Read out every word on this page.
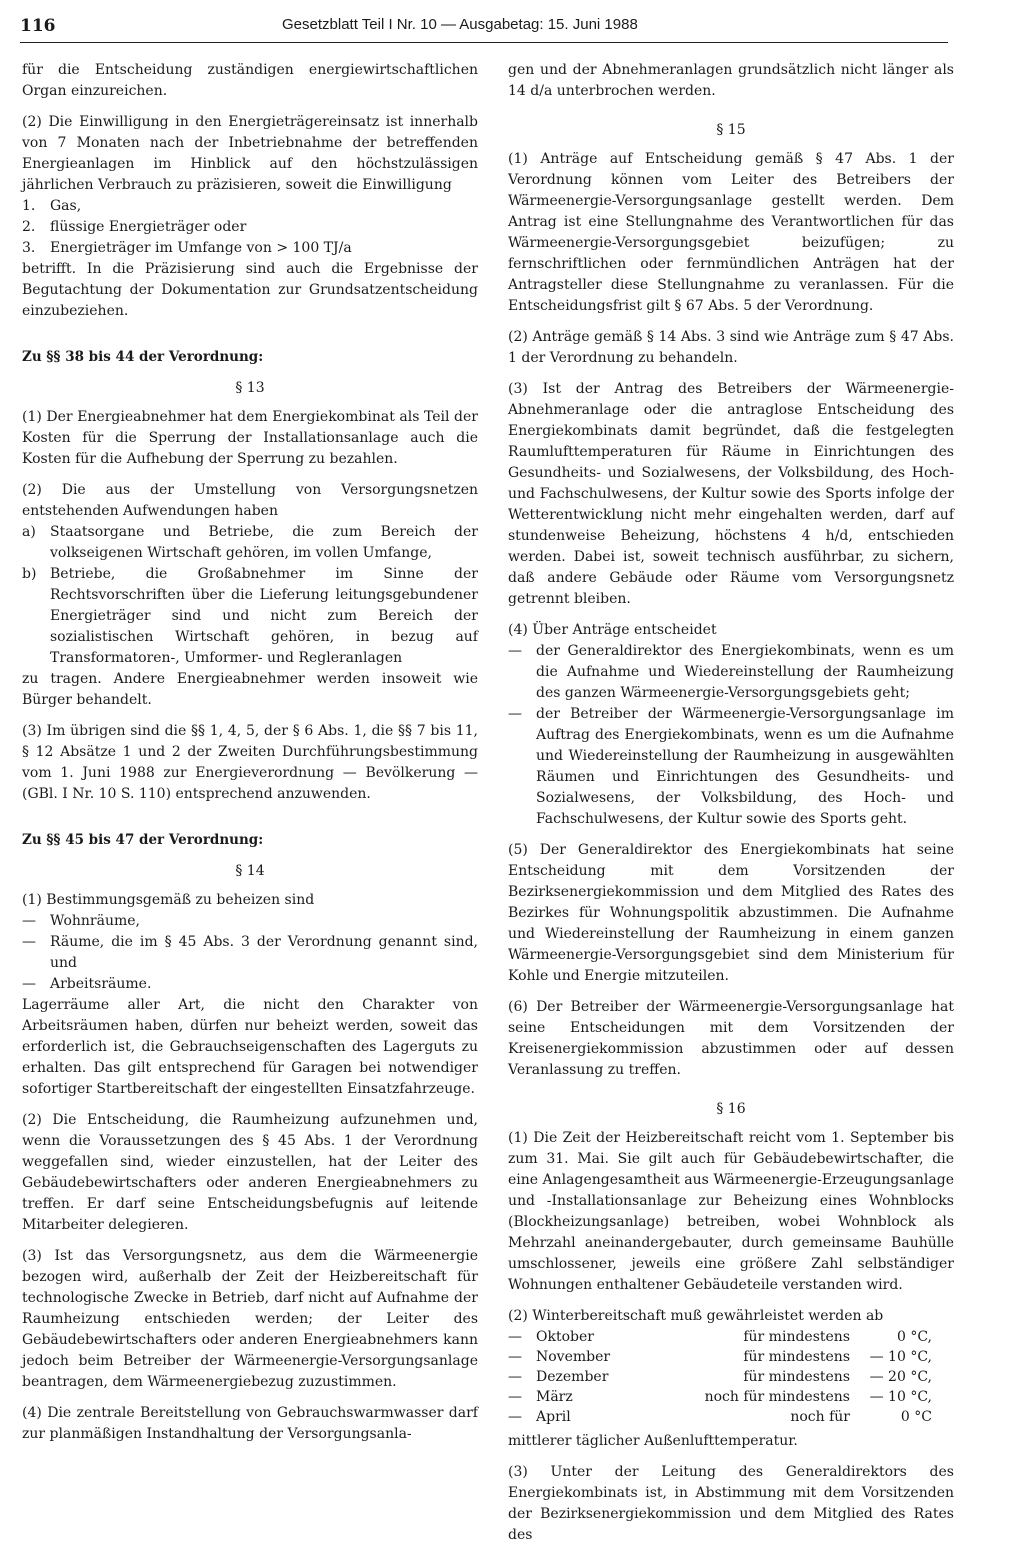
116	Gesetzblatt Teil I Nr. 10 — Ausgabetag: 15. Juni 1988

für die Entscheidung zuständigen energiewirtschaftlichen Organ einzureichen.

(2) Die Einwilligung in den Energieträgereinsatz ist innerhalb von 7 Monaten nach der Inbetriebnahme der betreffenden Energieanlagen im Hinblick auf den höchstzulässigen jährlichen Verbrauch zu präzisieren, soweit die Einwilligung

1.	Gas,
2.	flüssige Energieträger oder
3.	Energieträger im Umfange von > 100 TJ/a

betrifft. In die Präzisierung sind auch die Ergebnisse der Begutachtung der Dokumentation zur Grundsatzentscheidung einzubeziehen.

Zu §§ 38 bis 44 der Verordnung:

§ 13

(1) Der Energieabnehmer hat dem Energiekombinat als Teil der Kosten für die Sperrung der Installationsanlage auch die Kosten für die Aufhebung der Sperrung zu bezahlen.

(2) Die aus der Umstellung von Versorgungsnetzen entstehenden Aufwendungen haben

a)	Staatsorgane und Betriebe, die zum Bereich der volkseigenen Wirtschaft gehören, im vollen Umfange,
b) Betriebe, die Großabnehmer im Sinne der Rechtsvorschriften über die Lieferung leitungsgebundener Energieträger sind und nicht zum Bereich der sozialistischen Wirtschaft gehören, in bezug auf Transformatoren-, Umformer- und Regleranlagen

zu tragen. Andere Energieabnehmer werden insoweit wie Bürger behandelt.

(3) Im übrigen sind die §§ 1, 4, 5, der § 6 Abs. 1, die §§ 7 bis 11, § 12 Absätze 1 und 2 der Zweiten Durchführungsbestimmung vom 1. Juni 1988 zur Energieverordnung — Bevölkerung — (GBl. I Nr. 10 S. 110) entsprechend anzuwenden.

Zu §§ 45 bis 47 der Verordnung:

§ 14

(1) Bestimmungsgemäß zu beheizen sind

—	Wohnräume,
—	Räume, die im § 45 Abs. 3 der Verordnung genannt sind, und
—	Arbeitsräume.

Lagerräume aller Art, die nicht den Charakter von Arbeitsräumen haben, dürfen nur beheizt werden, soweit das erforderlich ist, die Gebrauchseigenschaften des Lagerguts zu erhalten. Das gilt entsprechend für Garagen bei notwendiger sofortiger Startbereitschaft der eingestellten Einsatzfahrzeuge.

(2) Die Entscheidung, die Raumheizung aufzunehmen und, wenn die Voraussetzungen des § 45 Abs. 1 der Verordnung weggefallen sind, wieder einzustellen, hat der Leiter des Gebäudebewirtschafters oder anderen Energieabnehmers zu treffen. Er darf seine Entscheidungsbefugnis auf leitende Mitarbeiter delegieren.

(3) Ist das Versorgungsnetz, aus dem die Wärmeenergie bezogen wird, außerhalb der Zeit der Heizbereitschaft für technologische Zwecke in Betrieb, darf nicht auf Aufnahme der Raumheizung entschieden werden; der Leiter des Gebäudebewirtschafters oder anderen Energieabnehmers kann jedoch beim Betreiber der Wärmeenergie-Versorgungsanlage beantragen, dem Wärmeenergiebezug zuzustimmen.

(4) Die zentrale Bereitstellung von Gebrauchswarmwasser darf zur planmäßigen Instandhaltung der Versorgungsanla-

gen und der Abnehmeranlagen grundsätzlich nicht länger als 14 d/a unterbrochen werden.

§ 15

(1) Anträge auf Entscheidung gemäß § 47 Abs. 1 der Verordnung können vom Leiter des Betreibers der Wärmeenergie-Versorgungsanlage gestellt werden. Dem Antrag ist eine Stellungnahme des Verantwortlichen für das Wärmeenergie-Versorgungsgebiet beizufügen; zu fernschriftlichen oder fernmündlichen Anträgen hat der Antragsteller diese Stellungnahme zu veranlassen. Für die Entscheidungsfrist gilt § 67 Abs. 5 der Verordnung.

(2) Anträge gemäß § 14 Abs. 3 sind wie Anträge zum § 47 Abs. 1 der Verordnung zu behandeln.

(3) Ist der Antrag des Betreibers der Wärmeenergie-Abnehmeranlage oder die antraglose Entscheidung des Energiekombinats damit begründet, daß die festgelegten Raumlufttemperaturen für Räume in Einrichtungen des Gesundheits- und Sozialwesens, der Volksbildung, des Hoch- und Fachschulwesens, der Kultur sowie des Sports infolge der Wetterentwicklung nicht mehr eingehalten werden, darf auf stundenweise Beheizung, höchstens 4 h/d, entschieden werden. Dabei ist, soweit technisch ausführbar, zu sichern, daß andere Gebäude oder Räume vom Versorgungsnetz getrennt bleiben.

(4) Über Anträge entscheidet

—	der Generaldirektor des Energiekombinats, wenn es um die Aufnahme und Wiedereinstellung der Raumheizung des ganzen Wärmeenergie-Versorgungsgebiets geht;
—	der Betreiber der Wärmeenergie-Versorgungsanlage im Auftrag des Energiekombinats, wenn es um die Aufnahme und Wiedereinstellung der Raumheizung in ausgewählten Räumen und Einrichtungen des Gesundheits- und Sozialwesens, der Volksbildung, des Hoch- und Fachschulwesens, der Kultur sowie des Sports geht.

(5) Der Generaldirektor des Energiekombinats hat seine Entscheidung mit dem Vorsitzenden der Bezirksenergiekommission und dem Mitglied des Rates des Bezirkes für Wohnungspolitik abzustimmen. Die Aufnahme und Wiedereinstellung der Raumheizung in einem ganzen Wärmeenergie-Versorgungsgebiet sind dem Ministerium für Kohle und Energie mitzuteilen.

(6) Der Betreiber der Wärmeenergie-Versorgungsanlage hat seine Entscheidungen mit dem Vorsitzenden der Kreisenergiekommission abzustimmen oder auf dessen Veranlassung zu treffen.

§ 16

(1) Die Zeit der Heizbereitschaft reicht vom 1. September bis zum 31. Mai. Sie gilt auch für Gebäudebewirtschafter, die eine Anlagengesamtheit aus Wärmeenergie-Erzeugungsanlage und -Installationsanlage zur Beheizung eines Wohnblocks (Blockheizungsanlage) betreiben, wobei Wohnblock als Mehrzahl aneinandergebauter, durch gemeinsame Bauhülle umschlossener, jeweils eine größere Zahl selbständiger Wohnungen enthaltener Gebäudeteile verstanden wird.

(2) Winterbereitschaft muß gewährleistet werden ab

—	Oktober	für mindestens	0 °C,
—	November	für mindestens	— 10 °C,
—	Dezember	für mindestens	— 20 °C,
—	März	noch für mindestens	— 10 °C,
—	April	noch für	0 °C

mittlerer täglicher Außenlufttemperatur.

(3) Unter der Leitung des Generaldirektors des Energiekombinats ist, in Abstimmung mit dem Vorsitzenden der Bezirksenergiekommission und dem Mitglied des Rates des
